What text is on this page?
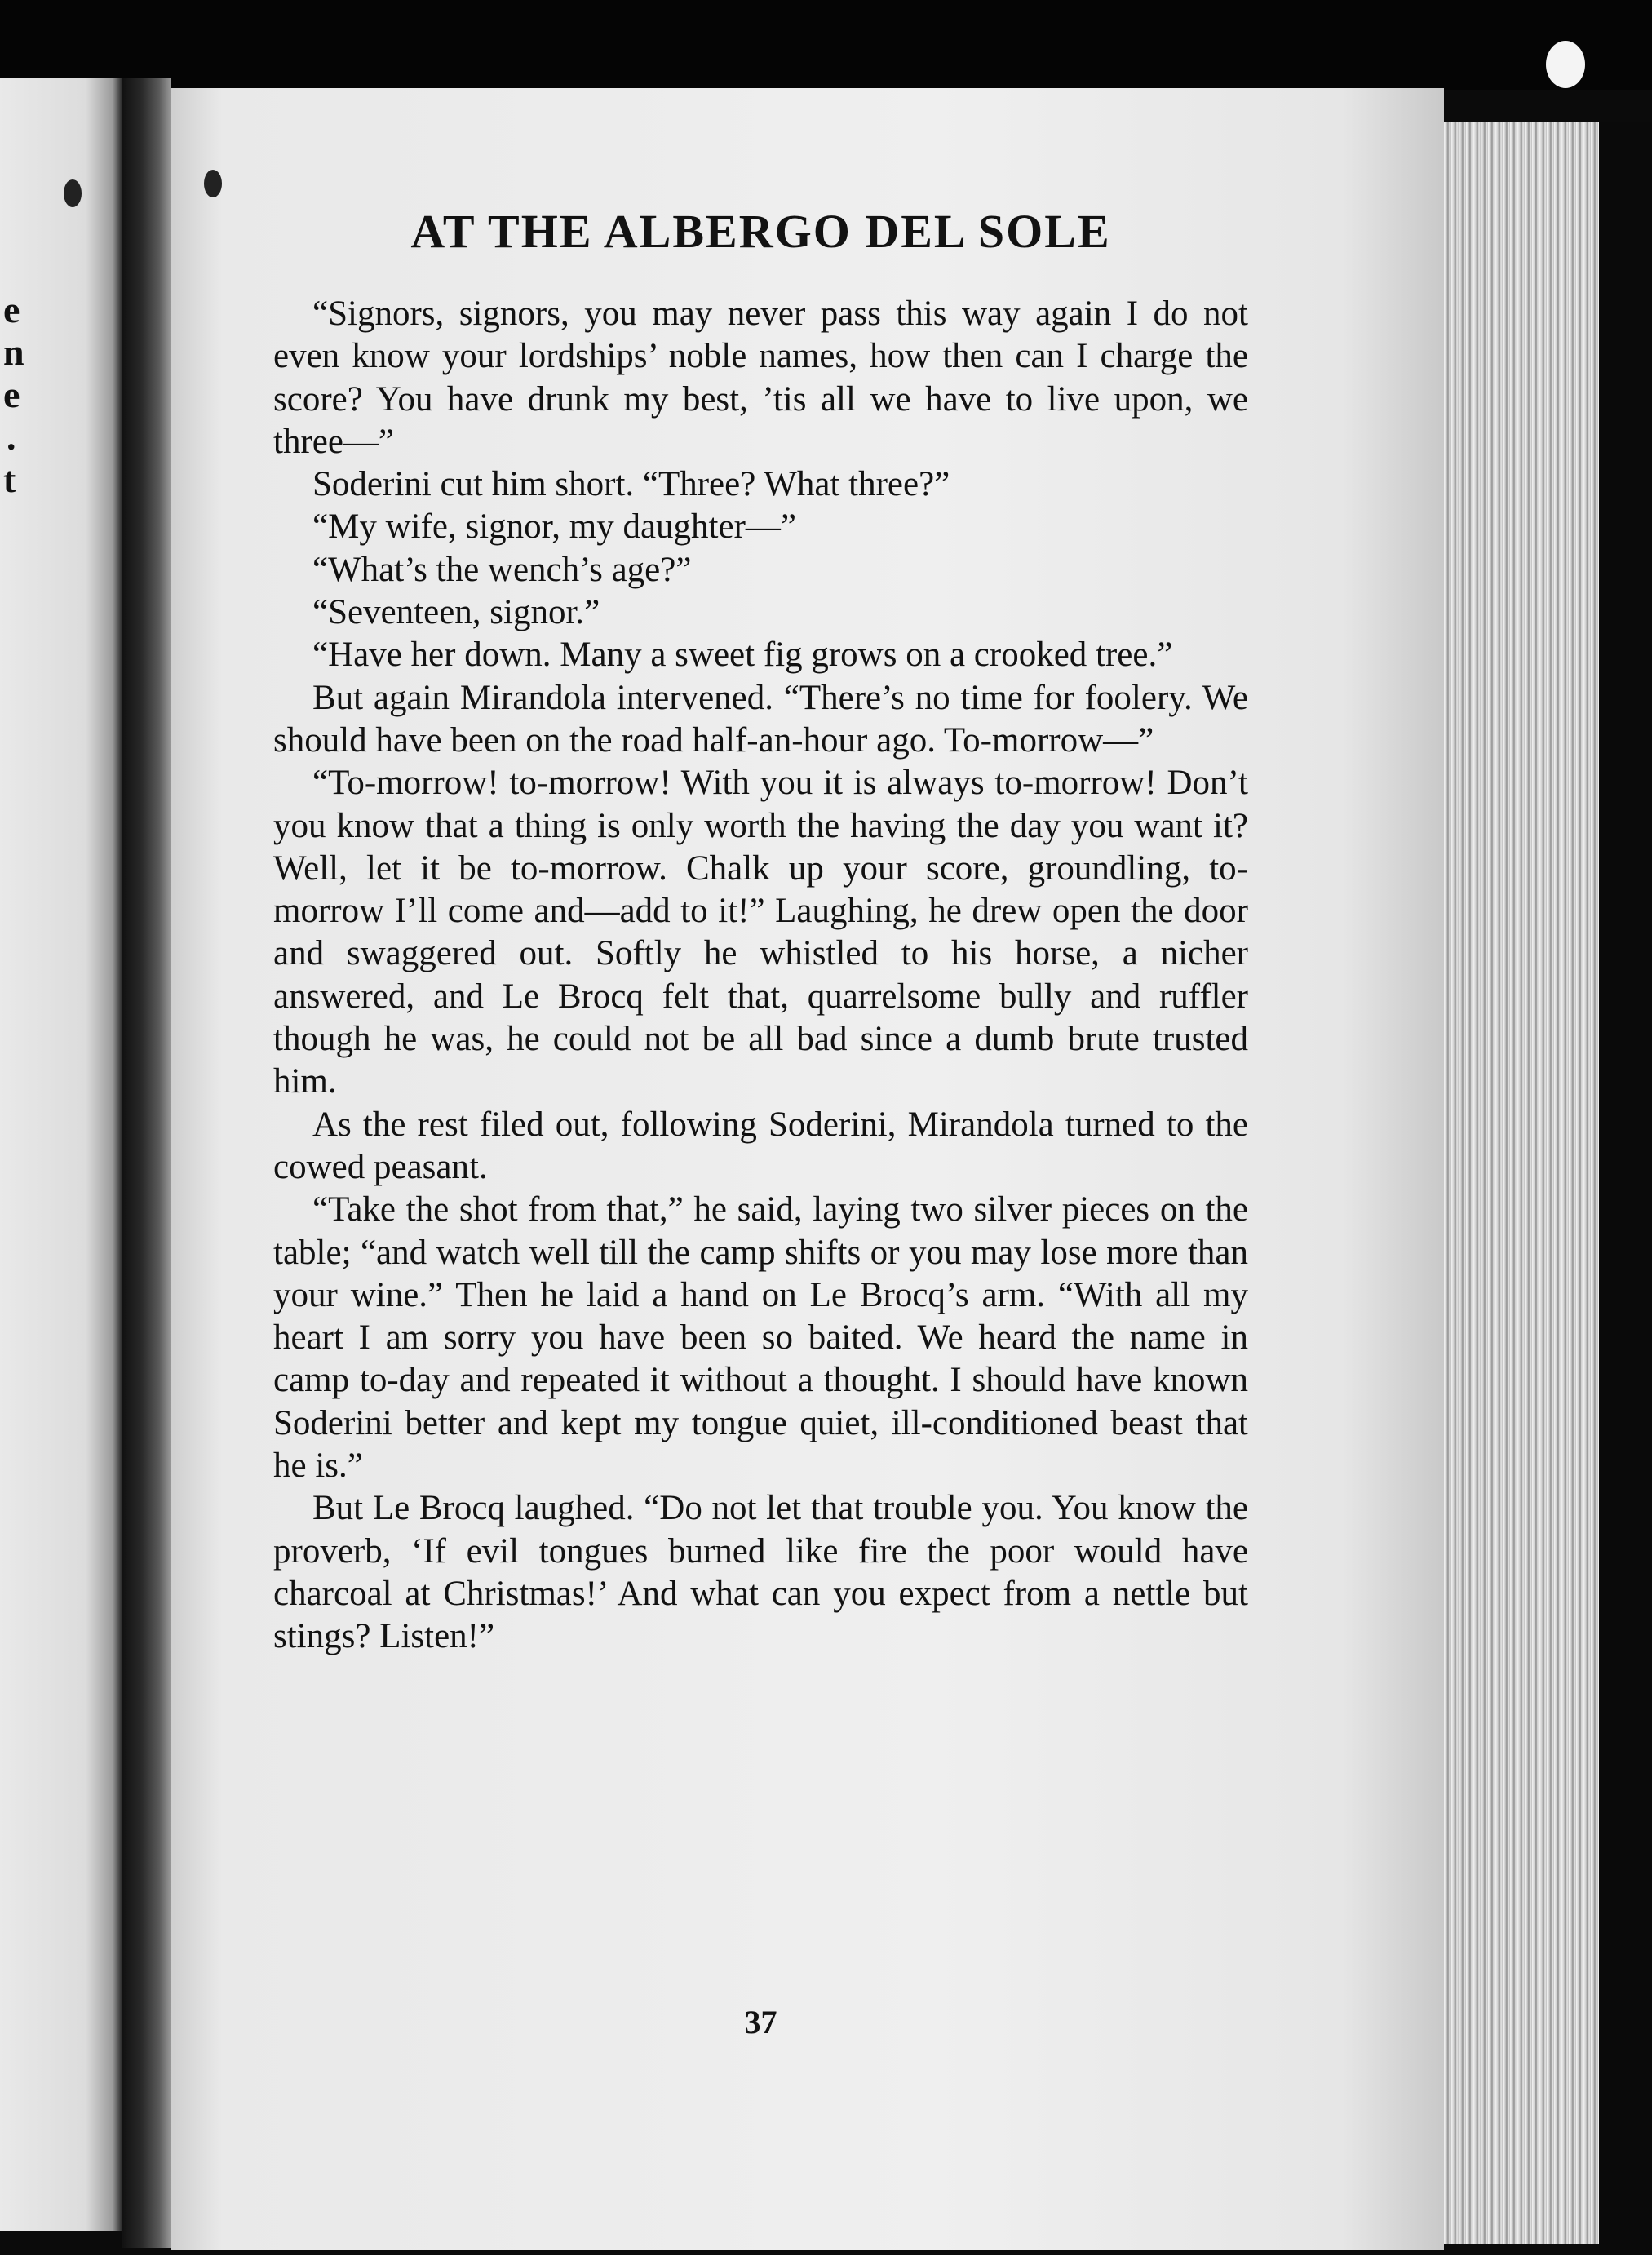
e
n
e
.
t
AT THE ALBERGO DEL SOLE

“Signors, signors, you may never pass this way again I do not even know your lordships’ noble names, how then can I charge the score? You have drunk my best, ’tis all we have to live upon, we three—”

Soderini cut him short. “Three? What three?”

“My wife, signor, my daughter—”

“What’s the wench’s age?”

“Seventeen, signor.”

“Have her down. Many a sweet fig grows on a crooked tree.”

But again Mirandola intervened. “There’s no time for foolery. We should have been on the road half-an-hour ago. To-morrow—”

“To-morrow! to-morrow! With you it is always to-morrow! Don’t you know that a thing is only worth the having the day you want it? Well, let it be to-morrow. Chalk up your score, groundling, to-morrow I’ll come and—add to it!” Laughing, he drew open the door and swaggered out. Softly he whistled to his horse, a nicher answered, and Le Brocq felt that, quarrelsome bully and ruffler though he was, he could not be all bad since a dumb brute trusted him.

As the rest filed out, following Soderini, Mirandola turned to the cowed peasant.

“Take the shot from that,” he said, laying two silver pieces on the table; “and watch well till the camp shifts or you may lose more than your wine.” Then he laid a hand on Le Brocq’s arm. “With all my heart I am sorry you have been so baited. We heard the name in camp to-day and repeated it without a thought. I should have known Soderini better and kept my tongue quiet, ill-conditioned beast that he is.”

But Le Brocq laughed. “Do not let that trouble you. You know the proverb, ‘If evil tongues burned like fire the poor would have charcoal at Christmas!’ And what can you expect from a nettle but stings? Listen!”

37
